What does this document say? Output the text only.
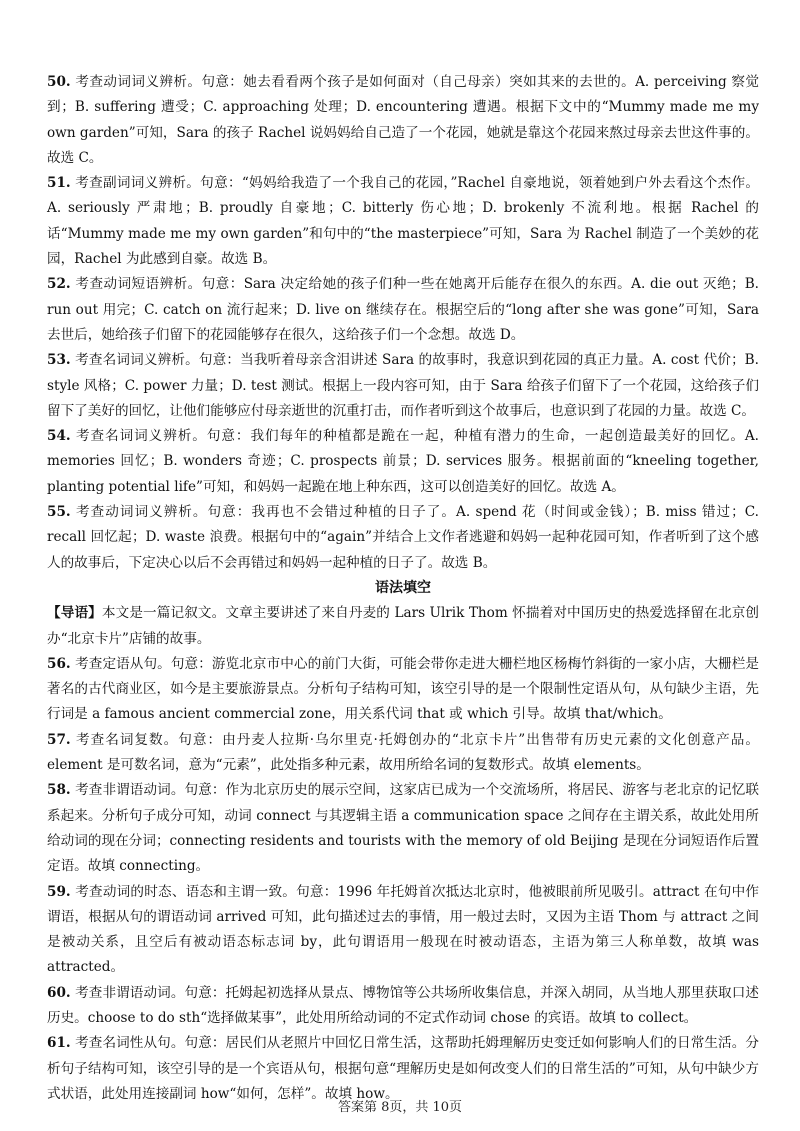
50. 考查动词词义辨析。句意：她去看看两个孩子是如何面对（自己母亲）突如其来的去世的。A. perceiving 察觉到；B. suffering 遭受；C. approaching 处理；D. encountering 遭遇。根据下文中的“Mummy made me my own garden”可知，Sara 的孩子 Rachel 说妈妈给自己造了一个花园，她就是靠这个花园来熬过母亲去世这件事的。故选 C。

51. 考查副词词义辨析。句意：“妈妈给我造了一个我自己的花园，”Rachel 自豪地说，领着她到户外去看这个杰作。A. seriously 严肃地；B. proudly 自豪地；C. bitterly 伤心地；D. brokenly 不流利地。根据 Rachel 的话“Mummy made me my own garden”和句中的“the masterpiece”可知，Sara 为 Rachel 制造了一个美妙的花园，Rachel 为此感到自豪。故选 B。

52. 考查动词短语辨析。句意：Sara 决定给她的孩子们种一些在她离开后能存在很久的东西。A. die out 灭绝；B. run out 用完；C. catch on 流行起来；D. live on 继续存在。根据空后的“long after she was gone”可知，Sara 去世后，她给孩子们留下的花园能够存在很久，这给孩子们一个念想。故选 D。

53. 考查名词词义辨析。句意：当我听着母亲含泪讲述 Sara 的故事时，我意识到花园的真正力量。A. cost 代价；B. style 风格；C. power 力量；D. test 测试。根据上一段内容可知，由于 Sara 给孩子们留下了一个花园，这给孩子们留下了美好的回忆，让他们能够应付母亲逝世的沉重打击，而作者听到这个故事后，也意识到了花园的力量。故选 C。

54. 考查名词词义辨析。句意：我们每年的种植都是跪在一起，种植有潜力的生命，一起创造最美好的回忆。A. memories 回忆；B. wonders 奇迹；C. prospects 前景；D. services 服务。根据前面的“kneeling together, planting potential life”可知，和妈妈一起跪在地上种东西，这可以创造美好的回忆。故选 A。

55. 考查动词词义辨析。句意：我再也不会错过种植的日子了。A. spend 花（时间或金钱）；B. miss 错过；C. recall 回忆起；D. waste 浪费。根据句中的“again”并结合上文作者逃避和妈妈一起种花园可知，作者听到了这个感人的故事后，下定决心以后不会再错过和妈妈一起种植的日子了。故选 B。

语法填空

【导语】本文是一篇记叙文。文章主要讲述了来自丹麦的 Lars Ulrik Thom 怀揣着对中国历史的热爱选择留在北京创办“北京卡片”店铺的故事。

56. 考查定语从句。句意：游览北京市中心的前门大街，可能会带你走进大栅栏地区杨梅竹斜街的一家小店，大栅栏是著名的古代商业区，如今是主要旅游景点。分析句子结构可知，该空引导的是一个限制性定语从句，从句缺少主语，先行词是 a famous ancient commercial zone，用关系代词 that 或 which 引导。故填 that/which。

57. 考查名词复数。句意：由丹麦人拉斯·乌尔里克·托姆创办的“北京卡片”出售带有历史元素的文化创意产品。element 是可数名词，意为“元素”，此处指多种元素，故用所给名词的复数形式。故填 elements。

58. 考查非谓语动词。句意：作为北京历史的展示空间，这家店已成为一个交流场所，将居民、游客与老北京的记忆联系起来。分析句子成分可知，动词 connect 与其逻辑主语 a communication space 之间存在主谓关系，故此处用所给动词的现在分词；connecting residents and tourists with the memory of old Beijing 是现在分词短语作后置定语。故填 connecting。

59. 考查动词的时态、语态和主谓一致。句意：1996 年托姆首次抵达北京时，他被眼前所见吸引。attract 在句中作谓语，根据从句的谓语动词 arrived 可知，此句描述过去的事情，用一般过去时，又因为主语 Thom 与 attract 之间是被动关系，且空后有被动语态标志词 by，此句谓语用一般现在时被动语态，主语为第三人称单数，故填 was attracted。

60. 考查非谓语动词。句意：托姆起初选择从景点、博物馆等公共场所收集信息，并深入胡同，从当地人那里获取口述历史。choose to do sth“选择做某事”，此处用所给动词的不定式作动词 chose 的宾语。故填 to collect。

61. 考查名词性从句。句意：居民们从老照片中回忆日常生活，这帮助托姆理解历史变迁如何影响人们的日常生活。分析句子结构可知，该空引导的是一个宾语从句，根据句意“理解历史是如何改变人们的日常生活的”可知，从句中缺少方式状语，此处用连接副词 how“如何，怎样”。故填 how。

答案第 8页，共 10页
